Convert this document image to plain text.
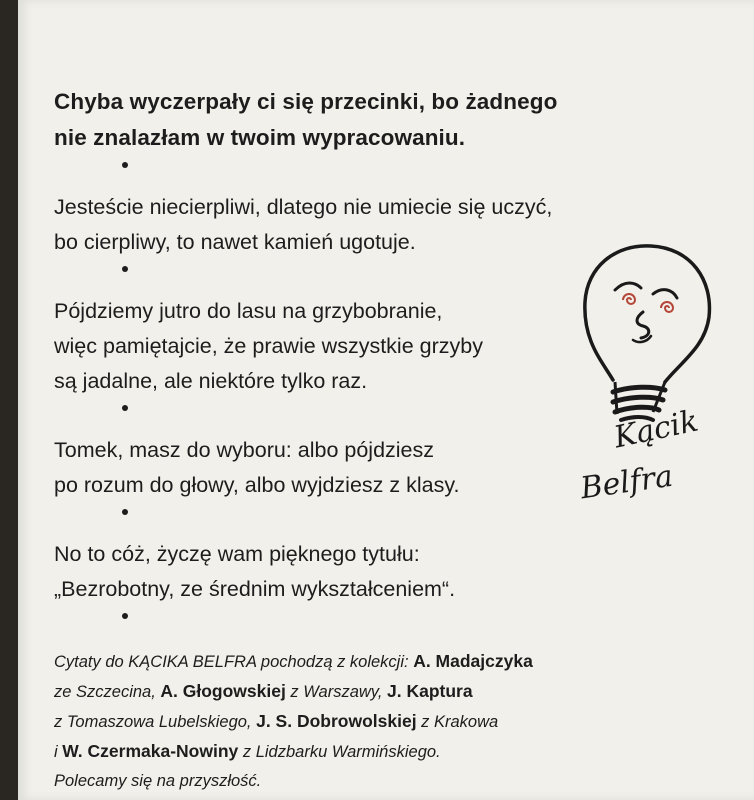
Chyba wyczerpały ci się przecinki, bo żadnego
nie znalazłam w twoim wypracowaniu.

Jesteście niecierpliwi, dlatego nie umiecie się uczyć,
bo cierpliwy, to nawet kamień ugotuje.

Pójdziemy jutro do lasu na grzybobranie,
więc pamiętajcie, że prawie wszystkie grzyby
są jadalne, ale niektóre tylko raz.

Tomek, masz do wyboru: albo pójdziesz
po rozum do głowy, albo wyjdziesz z klasy.

No to cóż, życzę wam pięknego tytułu:
„Bezrobotny, ze średnim wykształceniem“.

Cytaty do KĄCIKA BELFRA pochodzą z kolekcji: A. Madajczyka
ze Szczecina, A. Głogowskiej z Warszawy, J. Kaptura
z Tomaszowa Lubelskiego, J. S. Dobrowolskiej z Krakowa
i W. Czermaka-Nowiny z Lidzbarku Warmińskiego.
Polecamy się na przyszłość.

Kącik
Belfra
